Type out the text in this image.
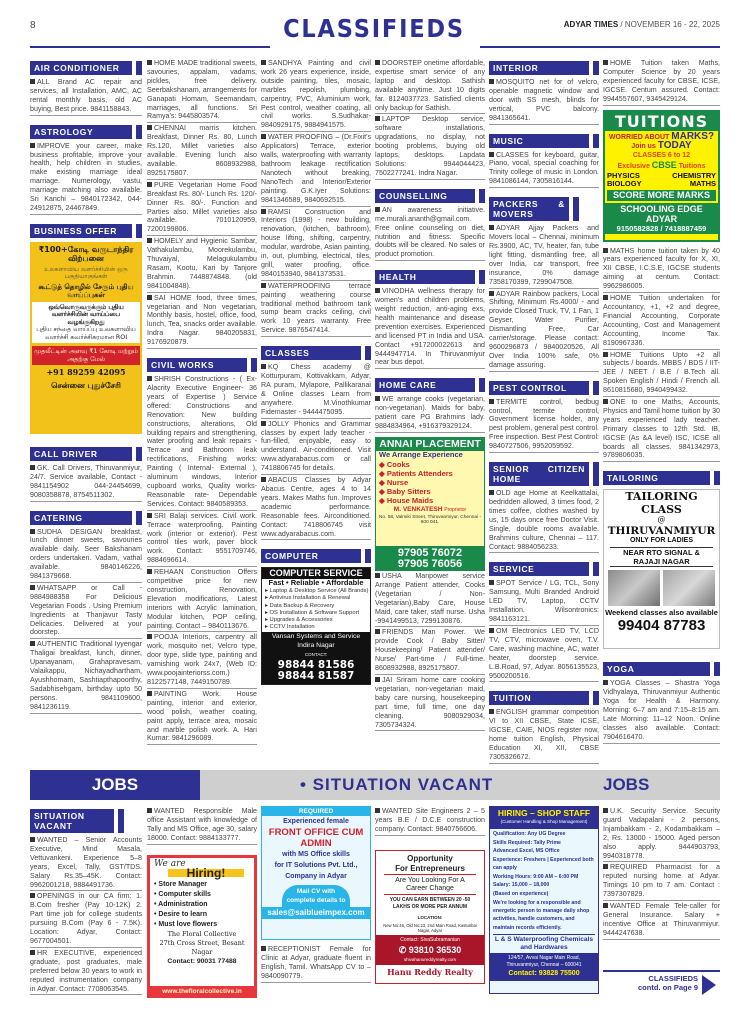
8	CLASSIFIEDS	ADYAR TIMES / NOVEMBER 16 - 22, 2025
AIR CONDITIONER
ALL Brand AC repair and services, all Installation, AMC, AC rental monthly basis, old AC buying, Best price. 9841158843.
ASTROLOGY
IMPROVE your career, make business profitable, improve your health, help children in studies, make existing marriage ideal marriage. Numerology, vastu, marriage matching also available. Sri Kanchi – 9840172342, 044-24912875, 24467849.
BUSINESS OFFER
₹100+கோடி வருடாந்திர விற்பனை
உலகளாவிய வளர்ச்சியின் ஒரு பகுதியாகுங்கள்
கூட்டுத் தொழில் சேரும் புதிய வாய்ப்புகள்
ஒவ்வொருவருக்கும் புதிய வளர்ச்சியின் வாய்ப்பை
வழங்குகிறது
புதிய சந்தை வாய்ப்பு உலகளாவிய வளர்ச்சி கவர்ச்சிகரமான ROI
முதலீட்டின் அளவு ₹1 கோடி மற்றும் அதற்கு மேல்
+91 89259 42095
சென்னை புதுச்சேரி
CALL DRIVER
GK. Call Drivers, Thiruvanmiyur, 24/7. Service available, Contact - 9841154902 044-24454699, 9080358878, 8754511302.
CATERING
SUDHA DESIGAN breakfast, lunch dinner sweets, savouries available daily. Seer Bakshanam orders undertaken. Vadam, vathal available. 9840146226, 9841379668.
WHATSAPP or Call - 9884988358 For Delicious Vegetarian Foods . Using Premium Ingredients at Thanjavur Tasty Delicacies. Delivered at your doorstep.
AUTHENTIC Traditional Iyyengar Thaligai breakfast, lunch, dinner, Upanayanam, Grahapravesam, Valaikappu, Nichayadhartham, Ayushhomam, Sashtiapthapoorthy, Sadabhisehgam, birthday upto 50 persons. 9841109600, 9841236119.
HOME MADE traditional sweets, savouries, appalam, vadams, pickles, free delivery. Seerbakshanam, arrangements for Ganapati Homam, Seemandam, marriages, all functions. Sri Ramya's: 9445803574.
CHENNAI marris kitchen. Breakfast, Dinner Rs. 80, Lunch Rs.120, Millet varieties also available. Evening lunch also available. 8608932988, 8925175807.
PURE Vegetarian Home Food Breakfast Rs. 80/- Lunch Rs. 120/- Dinner Rs. 80/-. Function and Parties also. Millet varieties also available. 7010120959, 7200199806.
HOMELY and Hygienic Sambar, Vathakulambu, Moorekulambu, Thuvaiyal, Melagukulambu Rasam, Kootu, Kari by Tanjore Brahmin. 7448874848. (old 9841004848).
SAI HOME food, three times, vegetarian and Non vegetarian, Monthly basis, hostel, office, food, lunch, Tea, snacks order available. Indra Nagar. 9840205831, 9176920879.
CIVIL WORKS
SHRISH Constructions - ( Ex-Alacrity Executive Engineer- 36 years of Expertise ) Service offered: Constructions and Renovation: New building constructions, alterations, Old building repairs and strengthening, water proofing and leak repairs - Terrace and Bathroom leak rectifications, Finishing works: Painting ( Internal- External ), aluminum windows, Interior cupboard works, Quality works- Reasonable rate- Dependable Services. Contact: 9840589353.
SRI Balaji services. Civil work. Terrace waterproofing. Painting work (interior or exterior). Pest control tiles work, paver block work. Contact: 9551709746, 9884696614.
REHAAN Construction Offers competitive price for new construction, Renovation, Elevation modifications, Latest interiors with Acrylic lamination, Modular kitchen, POP ceiling, painting. Contact – 9840113676.
POOJA Interiors, carpentry all work, mosquito net, Velcro type, door type, slide type, painting and varnishing work 24x7, (Web ID: www.poojainteriorss.com.) 8122577148, 7449150789.
PAINTING Work. House painting, interior and exterior, wood polish, weather coating, paint apply, terrace area, mosaic and marble polish work. A. Hari Kumar: 9841296089.
SANDHYA Painting and civil work 26 years experience, inside, outside painting, tiles, mosaic, marbles repolish, plumbing, carpentry, PVC, Aluminium work, Pest control, weather coating, all civil works. S.Sudhakar- 9840929175, 9884941575.
WATER PROOFING – (Dr.Fixit's Applicators) Terrace, exterior walls, waterproofing with warranty bathroom leakage rectification Nanotech without breaking, NanoTech and Interior/Exterior painting. G.K.Iyer Solutions: 9841346589, 9840692515.
RAMSI Construction and Interiors (1998) - new building, renovation, (kitchen, bathroom), house lifting, shifting, carpentry, modular, wardrobe, Asian painting, in, out, plumbing, electrical, tiles, grill, water proofing, office. 9840153940, 9841373531.
WATERPROOFING terrace painting weathering course traditional method bathroom tank sump beam cracks ceiling, civil work 10 years warranty. Free Service. 9876547414.
CLASSES
KQ Chess academy @ Kotturpuram, Kottivakkam, Adyar, RA puram, Mylapore, Pallikaranai & Online classes Learn from anywhere. M.Vinothkumar Fidemaster - 9444475095.
JOLLY Phonics and Grammar classes by expert lady teacher - fun-filled, enjoyable, easy to understand. Air-conditioned. Visit www.adyarabacus.com or call 7418806745 for details.
ABACUS Classes by Adyar Abacus Centre, ages 4 to 14 years. Makes Maths fun. Improves academic performance. Reasonable fees. Airconditioned. Contact: 7418806745 visit www.adyarabacus.com.
COMPUTER
COMPUTER SERVICE
Fast • Reliable • Affordable
▸ Laptop & Desktop Service (All Brands)
▸ Antivirus Installation & Renewal
▸ Data Backup & Recovery
▸ OS Installation & Software Support
▸ Upgrades & Accessories
▸ CCTV Installation
Vansan Systems and Service
Indira Nagar
CONTACT:
98844 81586
98844 81587
DOORSTEP onetime affordable, expertise smart service of any laptop and desktop. Sathish available anytime. Just 10 digits far. 8124037723. Satisfied clients only backup for Sathish.
LAPTOP Desktop service, software installations, upgradations, no display, not booting problems, buying old laptops, desktops. Lapdata Solutions: 9944044423, 7502277241. Indra Nagar.
COUNSELLING
AN awareness initiative. me.murali.ananth@gmail.com. Free online counseling on diet, nutrition and fitness. Specific doubts will be cleared. No sales or product promotion.
HEALTH
VINODHA wellness therapy for women's and children problems, weight reduction, anti-aging exs, health maintenance and disease prevention exercises. Experienced and licensed PT in India and USA. Contact +917200022613 and 9444947714. In Thiruvanmiyur near bus depot.
HOME CARE
WE arrange cooks (vegetarian, non-vegetarian). Maids for baby, patient care PG Brahmins lady. 9884834964, +916379329124.
ANNAI PLACEMENT
We Arrange Experience
◆ Cooks
◆ Patients Attenders
◆ Nurse
◆ Baby Sitters
◆ House Maids
M. VENKATESH Proprietor
No. 58, Valmiki Street, Thiruvanmiyur, Chennai - 600 041.
97905 76072
97905 76056
USHA Manpower service Arrange Patient attender, Cooks (Vegetarian / Non-Vegetarian),Baby Care, House Maid, care taker, staff nurse. Usha -9941499513, 7299130876.
FRIENDS Man Power. We provide Cook / Baby Sitter/ Housekeeping/ Patient attender/ Nurse/ Part-time / Full-time. 8608932988, 8925175807.
JAI Sriram home care cooking vegetarian, non-vegetarian maid, baby care nursing, housekeeping part time, full time, one day cleaning. 9080929034, 7305734324.
INTERIOR
MOSQUITO net for of velcro, openable magnetic window and door with SS mesh, blinds for vertical, PVC balcony. 9841365641.
MUSIC
CLASSES for keyboard, guitar, Piano, vocal, special coaching for Trinity college of music in London. 9841086144, 7305816144.
PACKERS & MOVERS
ADYAR Ajjay Packers and Movers local – Chennai, minimum Rs.3900, AC, TV, heater, fan, tube light fitting, dismantling free, all over India, car transport, free insurance, 0% damage 7358170399, 7299047508.
ADYAR Rainbow packers, Local Shifting, Minimum Rs.4000/ - and provide Closed Truck, TV, 1 Fan, 1 Geyser, Water Purifier, Dismantling Free, Car carrier/storage. Please contact: 9600296873 / 9840020526, All Over India 100% safe, 0% damage assuring.
PEST CONTROL
TERMITE control, bedbug control, termite control, Government license holder, any pest problem, general pest control. Free inspection. Best Pest Control: 9840727506, 9952059592.
SENIOR CITIZEN HOME
OLD age Home at Keelkattalai, bedridden allowed, 3 times food, 2 times coffee, clothes washed by us, 15 days once free Doctor Visit. Single, double rooms available. Brahmins culture, Chennai – 117. Contact: 9884056233.
SERVICE
SPOT Service / LG, TCL, Sony Samsung, Multi Branded Android LED TV, Laptop, CCTV Installation. Wilsontronics: 9841163121.
OM Electronics LED TV, LCD TV, CTV, microwave oven, T.V. Care, washing machine, AC, water heater, doorstep service. L.B.Road, 97, Adyar. 8056135523, 9500200516.
TUITION
ENGLISH grammar competition VI to XII CBSE, State ICSE, IGCSE, CAIE, NIOS register now, home tuition English, Physical Education XI, XII, CBSE 7305326672.
HOME Tuition taken Maths, Computer Science by 20 years experienced faculty for CBSE, ICSE, IGCSE. Centum assured. Contact: 9944557607, 9345429124.
TUITIONS
WORRIED ABOUT MARKS?
Join us TODAY
CLASSES 6 to 12
Exclusive CBSE Tuitions
PHYSICS	CHEMISTRY
BIOLOGY	MATHS
SCORE MORE MARKS
SCHOOLING EDGE
ADYAR
9150582828 / 7418887459
MATHS home tuition taken by 40 years experienced faculty for X, XI, XII CBSE, I.C.S.E, IGCSE students aiming at centum. Contact: 9962986005.
HOME Tuition undertaken for Accountancy, +1, +2 and degree, Financial Accounting, Corporate Accounting, Cost and Management Accounting, Income Tax. 8190967336.
HOME Tuitions Upto +2 all subjects / boards. MBBS / BDS / IIT-JEE / NEET / B.E / B.Tech all. Spoken English / Hindi / French all. 8610815680, 9940499432.
ONE to one Maths, Accounts, Physics and Tamil home tuition by 30 years experienced lady teacher. Primary classes to 12th Std. IB, IGCSE (As &A level) ISC, ICSE all boards all classes. 9841342973, 9789806035.
TAILORING
TAILORING CLASS
@
THIRUVANMIYUR
ONLY FOR LADIES
NEAR RTO SIGNAL & RAJAJI NAGAR
Weekend classes also available
99404 87783
YOGA
YOGA Classes – Shastra Yoga Vidhyalaya, Thiruvanmiyur Authentic Yoga for Health & Harmony. Morning: 6–7 am and 7:15–8:15 am. Late Morning: 11–12 Noon. Online classes also available. Contact: 7904616470.
JOBS	• SITUATION VACANT	JOBS
SITUATION VACANT
WANTED – Senior Accounts Executive, Mind Masala, Vettuvankeni. Experience 5–8 years, Excel, Tally, GST/TDS. Salary Rs.35–45K. Contact: 9962001218, 9884491736.
OPENINGS in our CA firm: 1. B.Com fresher (Pay 10-12K) 2. Part time job for college students pursuing B.Com (Pay 6 - 7.5K). Location: Adyar, Contact: 9677004501.
HR EXECUTIVE, experienced graduate, post graduates, male preferred below 30 years to work in reputed instrumentation company in Adyar. Contact: 7708063545.
WANTED Responsible Male office Assistant with knowledge of Tally and MS Office, age 30, salary 18000. Contact: 9884133777.
We are
Hiring!
• Store Manager
• Computer skills
• Administration
• Desire to learn
• Must love flowers
The Floral Collective
27th Cross Street, Besant Nagar
Contact: 90031 77488
www.thefloralcollective.in
REQUIRED
Experienced female
FRONT OFFICE CUM ADMIN
with MS Office skills
for IT Solutions Pvt. Ltd.,
Company in Adyar
Mail CV with complete details to
sales@saiblueimpex.com
RECEPTIONIST Female for Clinic at Adyar, graduate fluent in English, Tamil. WhatsApp CV to – 9840090779.
WANTED Site Engineers 2 – 5 years B.E / D.C.E construction company. Contact: 9840756606.
Opportunity
For Entrepreneurs
Are You Looking For A Career Change
YOU CAN EARN BETWEEN 20 -50 LAKHS OR MORE PER ANNUM
LOCATION:
New No:46, Old No:23, 2nd Main Road, Kasturibai Nagar, Adyar
Contact: SivaSubramanian
✆ 93810 36530
shivahanureddyrealty.com
Hanu Reddy Realty
HIRING – SHOP STAFF
(Customer Handling & Shop Management)
Qualification: Any UG Degree
Skills Required: Tally Prime
Advanced Excel, MS Office
Experience: Freshers | Experienced both can apply
Working Hours: 9:00 AM – 6:00 PM
Salary: 15,000 – 18,000
(Based on experience)
We're looking for a responsible and energetic person to manage daily shop activities, handle customers, and maintain records efficiently.
L & S Waterproofing Chemicals and Hardwares
124/57, Avvai Nagar Main Road, Thiruvanmiyur, Chennai – 600041
Contact: 93828 75500
U.K. Security Service. Security guard Vadapalani - 2 persons, Injambakkam - 2, Kodambakkam – 2, Rs. 13000 - 15000. Aged person also apply. 9444903793, 9940318778.
REQUIRED Pharmacist for a reputed nursing home at Adyar. Timings 10 pm to 7 am. Contact : 7397307829.
WANTED Female Tele-caller for General Insurance. Salary + incentive Office at Thiruvanmiyur. 9444247638.
CLASSIFIEDS
contd. on Page 9
